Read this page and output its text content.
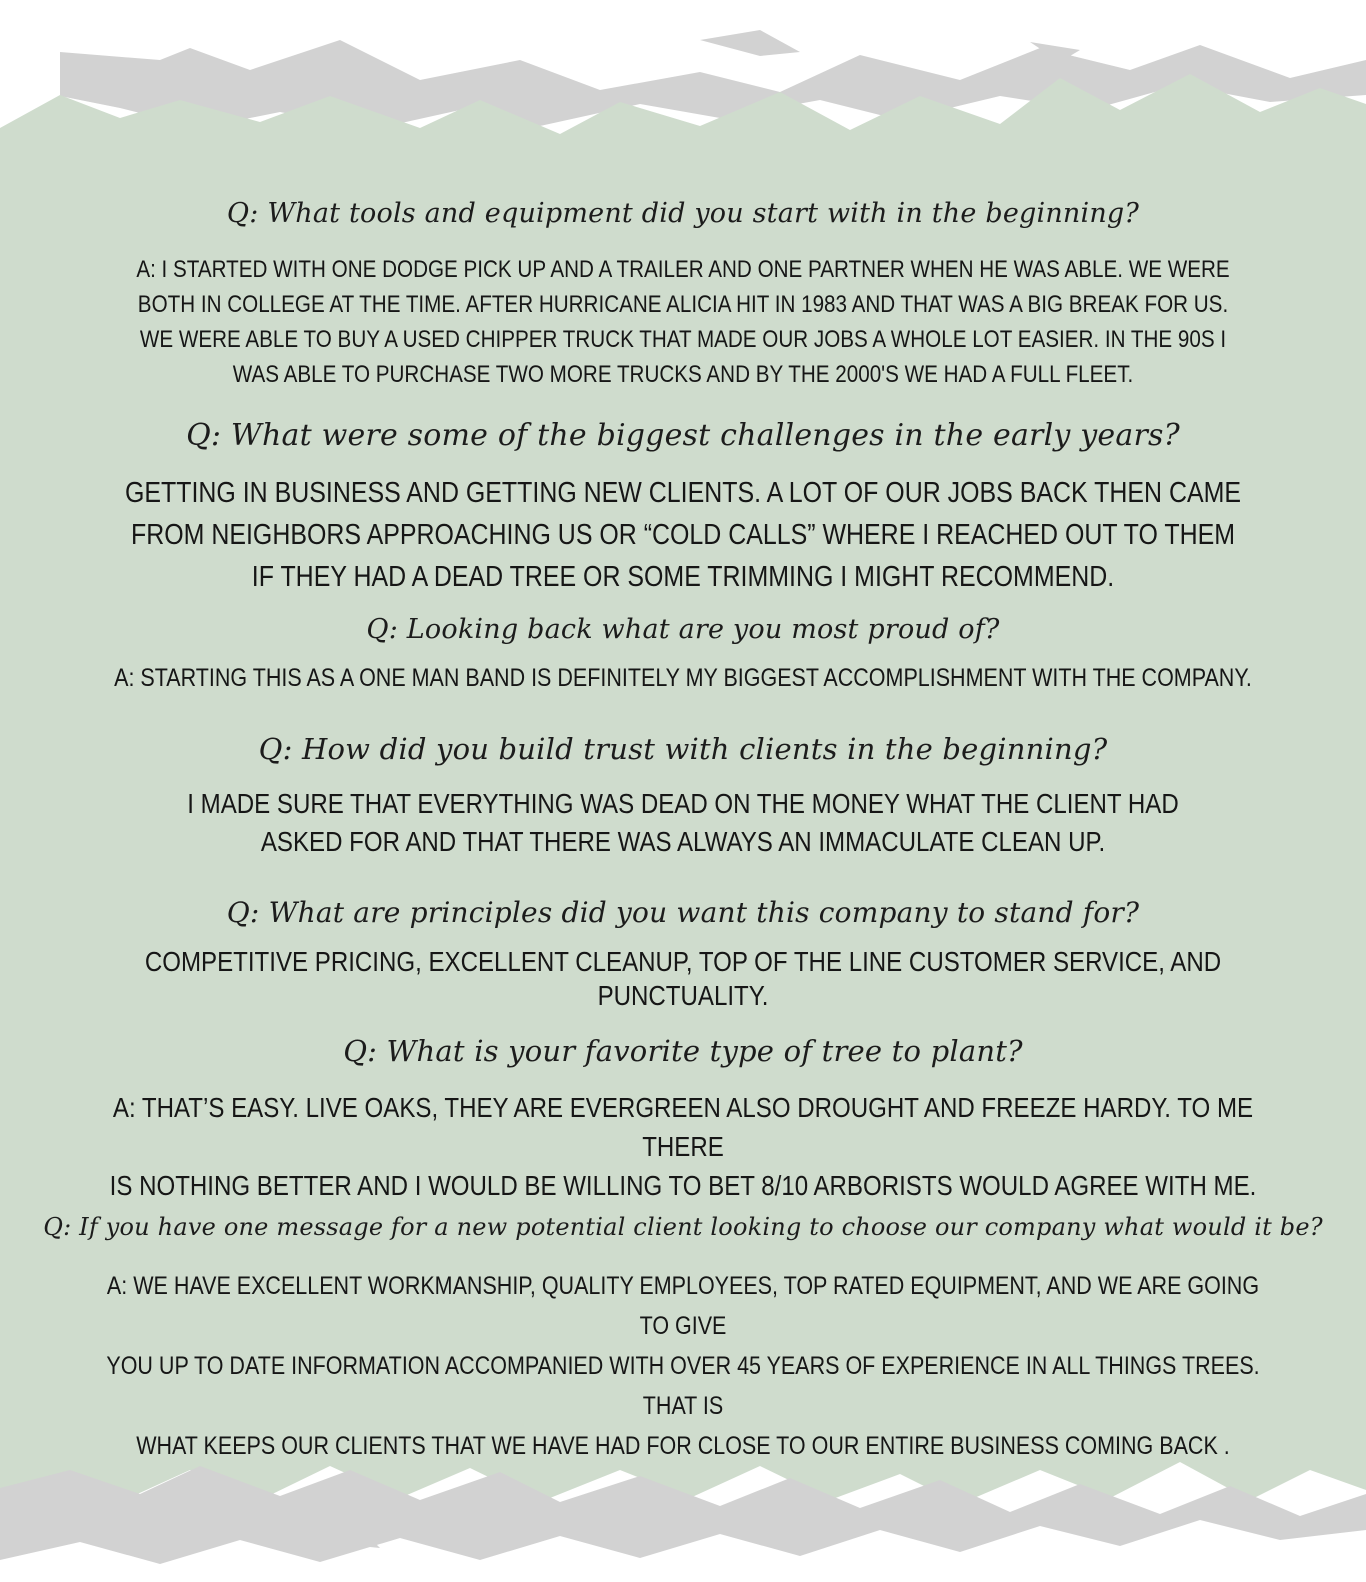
Q: What tools and equipment did you start with in the beginning?
A: I STARTED WITH ONE DODGE PICK UP AND A TRAILER AND ONE PARTNER WHEN HE WAS ABLE. WE WERE
BOTH IN COLLEGE AT THE TIME. AFTER HURRICANE ALICIA HIT IN 1983 AND THAT WAS A BIG BREAK FOR US.
WE WERE ABLE TO BUY A USED CHIPPER TRUCK THAT MADE OUR JOBS A WHOLE LOT EASIER. IN THE 90S I
WAS ABLE TO PURCHASE TWO MORE TRUCKS AND BY THE 2000'S WE HAD A FULL FLEET.
Q: What were some of the biggest challenges in the early years?
GETTING IN BUSINESS AND GETTING NEW CLIENTS. A LOT OF OUR JOBS BACK THEN CAME
FROM NEIGHBORS APPROACHING US OR “COLD CALLS” WHERE I REACHED OUT TO THEM
IF THEY HAD A DEAD TREE OR SOME TRIMMING I MIGHT RECOMMEND.
Q: Looking back what are you most proud of?
A: STARTING THIS AS A ONE MAN BAND IS DEFINITELY MY BIGGEST ACCOMPLISHMENT WITH THE COMPANY.
Q: How did you build trust with clients in the beginning?
I MADE SURE THAT EVERYTHING WAS DEAD ON THE MONEY WHAT THE CLIENT HAD
ASKED FOR AND THAT THERE WAS ALWAYS AN IMMACULATE CLEAN UP.
Q: What are principles did you want this company to stand for?
COMPETITIVE PRICING, EXCELLENT CLEANUP, TOP OF THE LINE CUSTOMER SERVICE, AND PUNCTUALITY.
Q: What is your favorite type of tree to plant?
A: THAT’S EASY. LIVE OAKS, THEY ARE EVERGREEN ALSO DROUGHT AND FREEZE HARDY. TO ME THERE
IS NOTHING BETTER AND I WOULD BE WILLING TO BET 8/10 ARBORISTS WOULD AGREE WITH ME.
Q: If you have one message for a new potential client looking to choose our company what would it be?
A: WE HAVE EXCELLENT WORKMANSHIP, QUALITY EMPLOYEES, TOP RATED EQUIPMENT, AND WE ARE GOING TO GIVE
YOU UP TO DATE INFORMATION ACCOMPANIED WITH OVER 45 YEARS OF EXPERIENCE IN ALL THINGS TREES. THAT IS
WHAT KEEPS OUR CLIENTS THAT WE HAVE HAD FOR CLOSE TO OUR ENTIRE BUSINESS COMING BACK .
